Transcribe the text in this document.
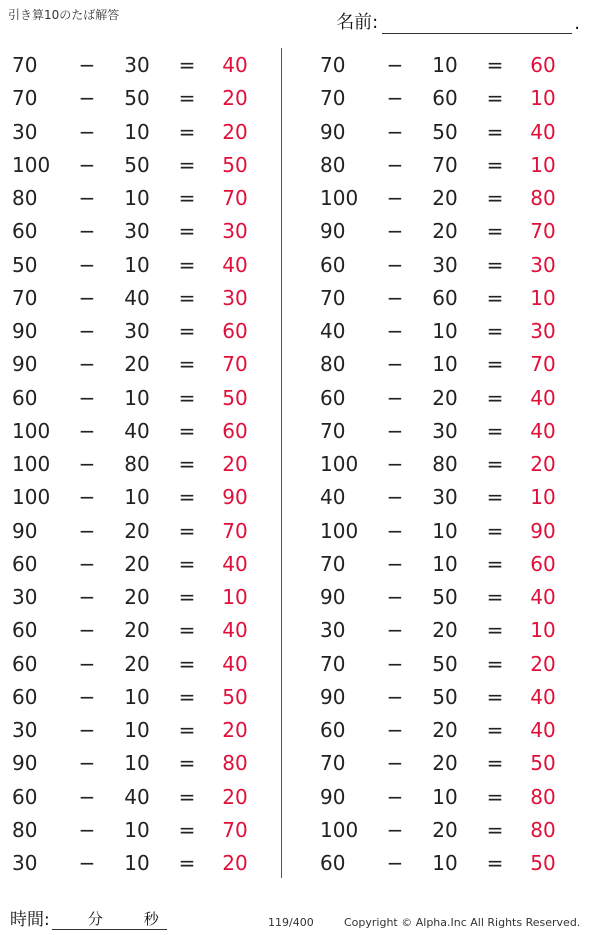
引き算10のたば解答	名前:	.
70	−	30	=	40
70	−	50	=	20
30	−	10	=	20
100	−	50	=	50
80	−	10	=	70
60	−	30	=	30
50	−	10	=	40
70	−	40	=	30
90	−	30	=	60
90	−	20	=	70
60	−	10	=	50
100	−	40	=	60
100	−	80	=	20
100	−	10	=	90
90	−	20	=	70
60	−	20	=	40
30	−	20	=	10
60	−	20	=	40
60	−	20	=	40
60	−	10	=	50
30	−	10	=	20
90	−	10	=	80
60	−	40	=	20
80	−	10	=	70
30	−	10	=	20
70	−	10	=	60
70	−	60	=	10
90	−	50	=	40
80	−	70	=	10
100	−	20	=	80
90	−	20	=	70
60	−	30	=	30
70	−	60	=	10
40	−	10	=	30
80	−	10	=	70
60	−	20	=	40
70	−	30	=	40
100	−	80	=	20
40	−	30	=	10
100	−	10	=	90
70	−	10	=	60
90	−	50	=	40
30	−	20	=	10
70	−	50	=	20
90	−	50	=	40
60	−	20	=	40
70	−	20	=	50
90	−	10	=	80
100	−	20	=	80
60	−	10	=	50
時間:	分	秒	119/400	Copyright © Alpha.Inc All Rights Reserved.
